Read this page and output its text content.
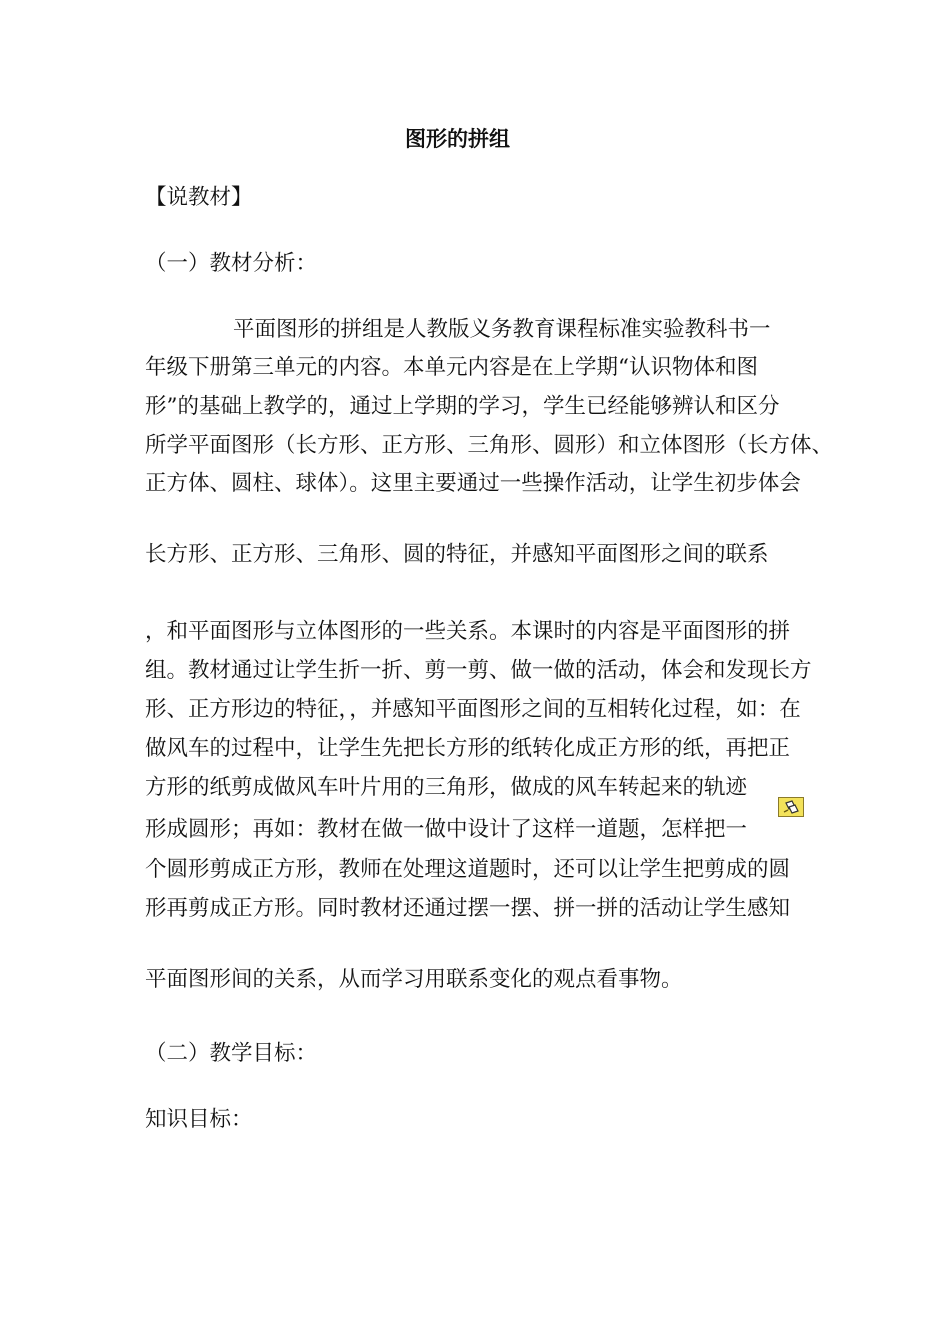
图形的拼组

【说教材】

（一）教材分析：

平面图形的拼组是人教版义务教育课程标准实验教科书一

年级下册第三单元的内容。本单元内容是在上学期“认识物体和图

形”的基础上教学的，通过上学期的学习，学生已经能够辨认和区分

所学平面图形（长方形、正方形、三角形、圆形）和立体图形（长方体、

正方体、圆柱、球体）。这里主要通过一些操作活动，让学生初步体会

长方形、正方形、三角形、圆的特征，并感知平面图形之间的联系

，和平面图形与立体图形的一些关系。本课时的内容是平面图形的拼

组。教材通过让学生折一折、剪一剪、做一做的活动，体会和发现长方

形、正方形边的特征，，并感知平面图形之间的互相转化过程，如：在

做风车的过程中，让学生先把长方形的纸转化成正方形的纸，再把正

方形的纸剪成做风车叶片用的三角形，做成的风车转起来的轨迹

形成圆形；再如：教材在做一做中设计了这样一道题，怎样把一

个圆形剪成正方形，教师在处理这道题时，还可以让学生把剪成的圆

形再剪成正方形。同时教材还通过摆一摆、拼一拼的活动让学生感知

平面图形间的关系，从而学习用联系变化的观点看事物。

（二）教学目标：

知识目标：
